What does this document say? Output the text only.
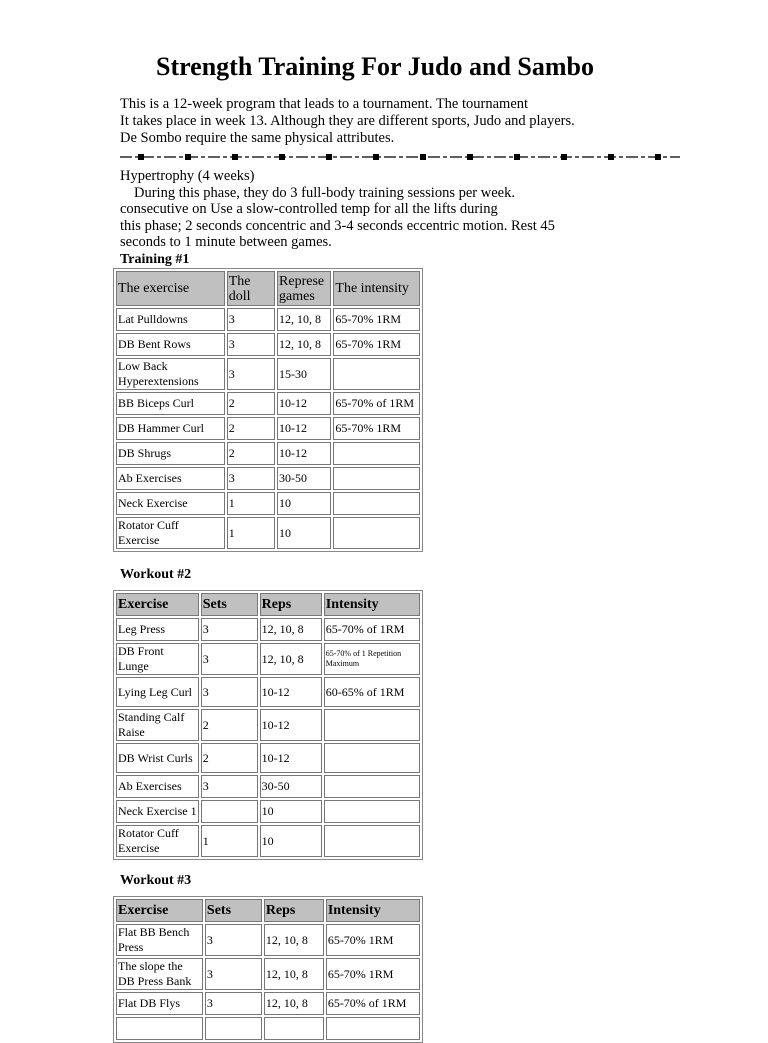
Strength Training For Judo and Sambo
This is a 12-week program that leads to a tournament. The tournament
It takes place in week 13. Although they are different sports, Judo and players.
De Sombo require the same physical attributes.
Hypertrophy (4 weeks)
During this phase, they do 3 full-body training sessions per week.
consecutive on Use a slow-controlled temp for all the lifts during
this phase; 2 seconds concentric and 3-4 seconds eccentric motion. Rest 45
seconds to 1 minute between games.
Training #1
The exercise	The doll	Represe games	The intensity
Lat Pulldowns	3	12, 10, 8	65-70% 1RM
DB Bent Rows	3	12, 10, 8	65-70% 1RM
Low Back Hyperextensions	3	15-30	
BB Biceps Curl	2	10-12	65-70% of 1RM
DB Hammer Curl	2	10-12	65-70% 1RM
DB Shrugs	2	10-12	
Ab Exercises	3	30-50	
Neck Exercise	1	10	
Rotator Cuff Exercise	1	10	
Workout #2
Exercise	Sets	Reps	Intensity
Leg Press	3	12, 10, 8	65-70% of 1RM
DB Front Lunge	3	12, 10, 8	65-70% of 1 Repetition Maximum
Lying Leg Curl	3	10-12	60-65% of 1RM
Standing Calf Raise	2	10-12	
DB Wrist Curls	2	10-12	
Ab Exercises	3	30-50	
Neck Exercise 1		10	
Rotator Cuff Exercise	1	10	
Workout #3
Exercise	Sets	Reps	Intensity
Flat BB Bench Press	3	12, 10, 8	65-70% 1RM
The slope the DB Press Bank	3	12, 10, 8	65-70% 1RM
Flat DB Flys	3	12, 10, 8	65-70% of 1RM
